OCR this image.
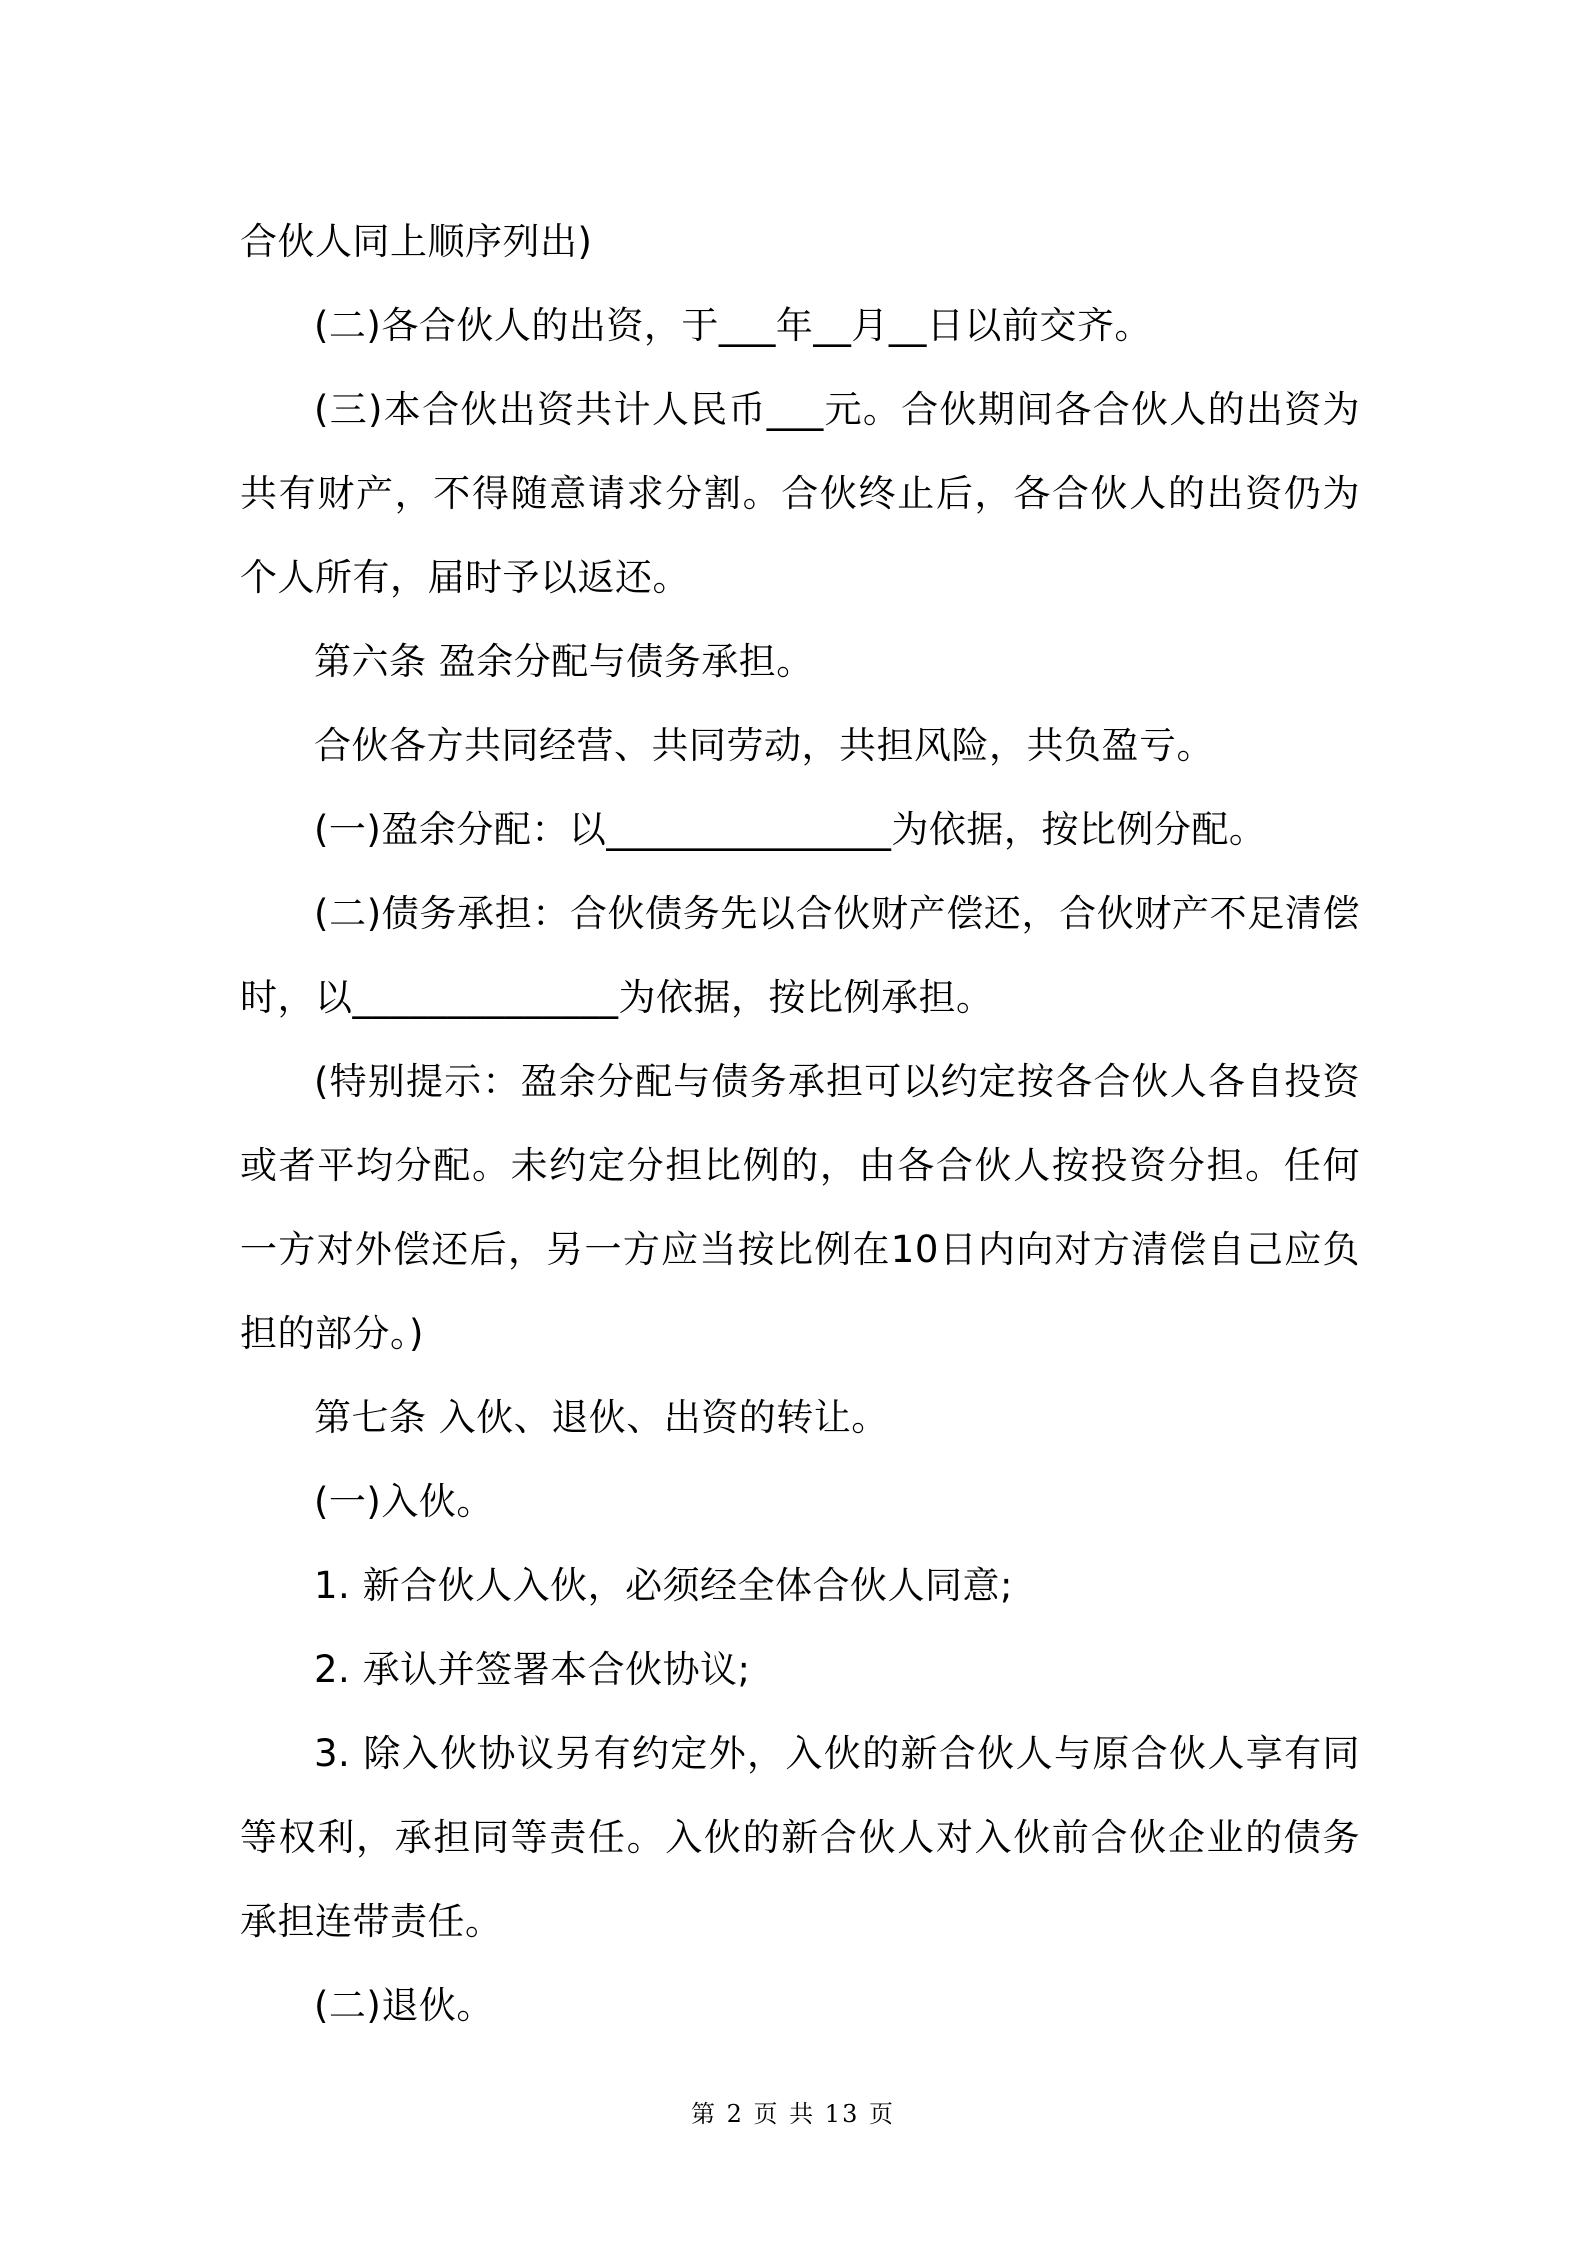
合伙人同上顺序列出)

(二)各合伙人的出资，于___年__月__日以前交齐。

(三)本合伙出资共计人民币___元。合伙期间各合伙人的出资为共有财产，不得随意请求分割。合伙终止后，各合伙人的出资仍为个人所有，届时予以返还。

第六条 盈余分配与债务承担。

合伙各方共同经营、共同劳动，共担风险，共负盈亏。

(一)盈余分配：以_______________为依据，按比例分配。

(二)债务承担：合伙债务先以合伙财产偿还，合伙财产不足清偿时，以______________为依据，按比例承担。

(特别提示：盈余分配与债务承担可以约定按各合伙人各自投资或者平均分配。未约定分担比例的，由各合伙人按投资分担。任何一方对外偿还后，另一方应当按比例在10日内向对方清偿自己应负担的部分。)

第七条 入伙、退伙、出资的转让。

(一)入伙。

1. 新合伙人入伙，必须经全体合伙人同意;

2. 承认并签署本合伙协议;

3. 除入伙协议另有约定外，入伙的新合伙人与原合伙人享有同等权利，承担同等责任。入伙的新合伙人对入伙前合伙企业的债务承担连带责任。

(二)退伙。

第 2 页 共 13 页
